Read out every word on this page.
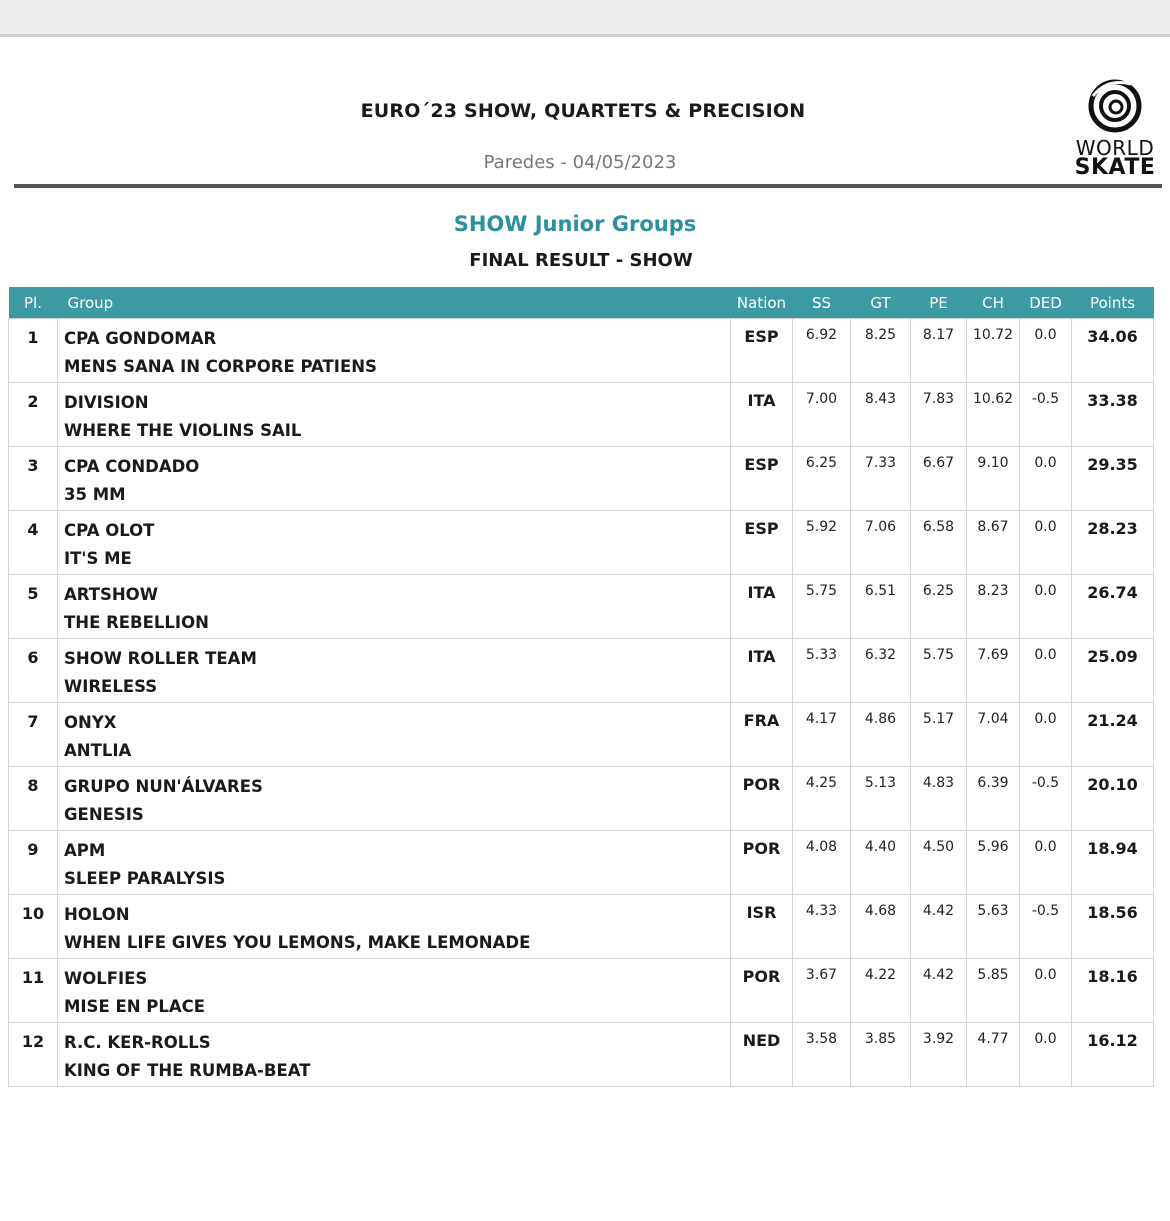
EURO´23 SHOW, QUARTETS & PRECISION
Paredes - 04/05/2023
WORLD
SKATE
SHOW Junior Groups
FINAL RESULT - SHOW
Pl.	Group	Nation	SS	GT	PE	CH	DED	Points

1	CPA GONDOMAR
MENS SANA IN CORPORE PATIENS	ESP	6.92	8.25	8.17	10.72	0.0	34.06

2	DIVISION
WHERE THE VIOLINS SAIL	ITA	7.00	8.43	7.83	10.62	-0.5	33.38

3	CPA CONDADO
35 MM	ESP	6.25	7.33	6.67	9.10	0.0	29.35

4	CPA OLOT
IT'S ME	ESP	5.92	7.06	6.58	8.67	0.0	28.23

5	ARTSHOW
THE REBELLION	ITA	5.75	6.51	6.25	8.23	0.0	26.74

6	SHOW ROLLER TEAM
WIRELESS	ITA	5.33	6.32	5.75	7.69	0.0	25.09

7	ONYX
ANTLIA	FRA	4.17	4.86	5.17	7.04	0.0	21.24

8	GRUPO NUN'ÁLVARES
GENESIS	POR	4.25	5.13	4.83	6.39	-0.5	20.10

9	APM
SLEEP PARALYSIS	POR	4.08	4.40	4.50	5.96	0.0	18.94

10	HOLON
WHEN LIFE GIVES YOU LEMONS, MAKE LEMONADE	ISR	4.33	4.68	4.42	5.63	-0.5	18.56

11	WOLFIES
MISE EN PLACE	POR	3.67	4.22	4.42	5.85	0.0	18.16

12	R.C. KER-ROLLS
KING OF THE RUMBA-BEAT	NED	3.58	3.85	3.92	4.77	0.0	16.12
